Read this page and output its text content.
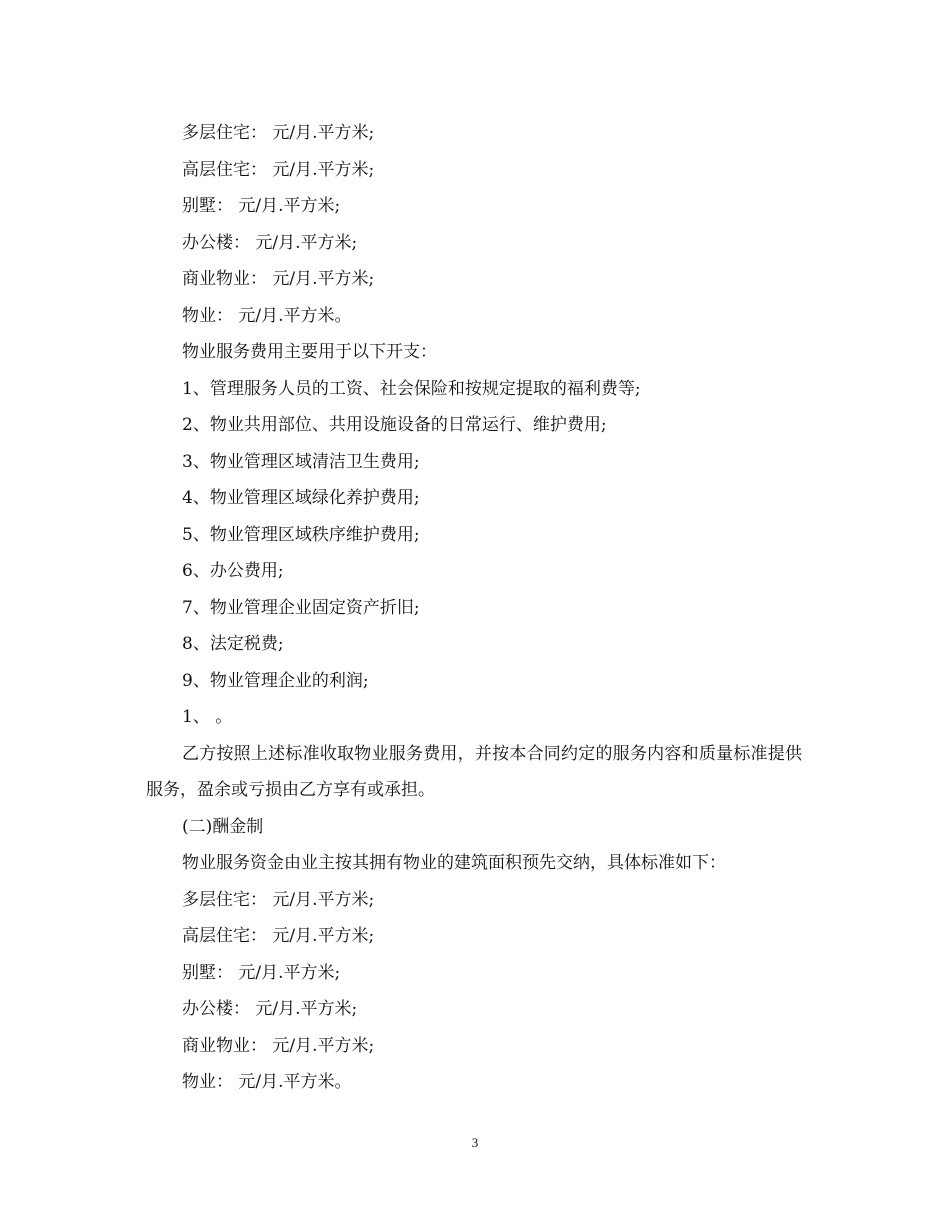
多层住宅： 元/月.平方米;
高层住宅： 元/月.平方米;
别墅： 元/月.平方米;
办公楼： 元/月.平方米;
商业物业： 元/月.平方米;
物业： 元/月.平方米。
物业服务费用主要用于以下开支：
1、管理服务人员的工资、社会保险和按规定提取的福利费等;
2、物业共用部位、共用设施设备的日常运行、维护费用;
3、物业管理区域清洁卫生费用;
4、物业管理区域绿化养护费用;
5、物业管理区域秩序维护费用;
6、办公费用;
7、物业管理企业固定资产折旧;
8、法定税费;
9、物业管理企业的利润;
1、 。
乙方按照上述标准收取物业服务费用，并按本合同约定的服务内容和质量标准提供服务，盈余或亏损由乙方享有或承担。
(二)酬金制
物业服务资金由业主按其拥有物业的建筑面积预先交纳，具体标准如下：
多层住宅： 元/月.平方米;
高层住宅： 元/月.平方米;
别墅： 元/月.平方米;
办公楼： 元/月.平方米;
商业物业： 元/月.平方米;
物业： 元/月.平方米。
3
